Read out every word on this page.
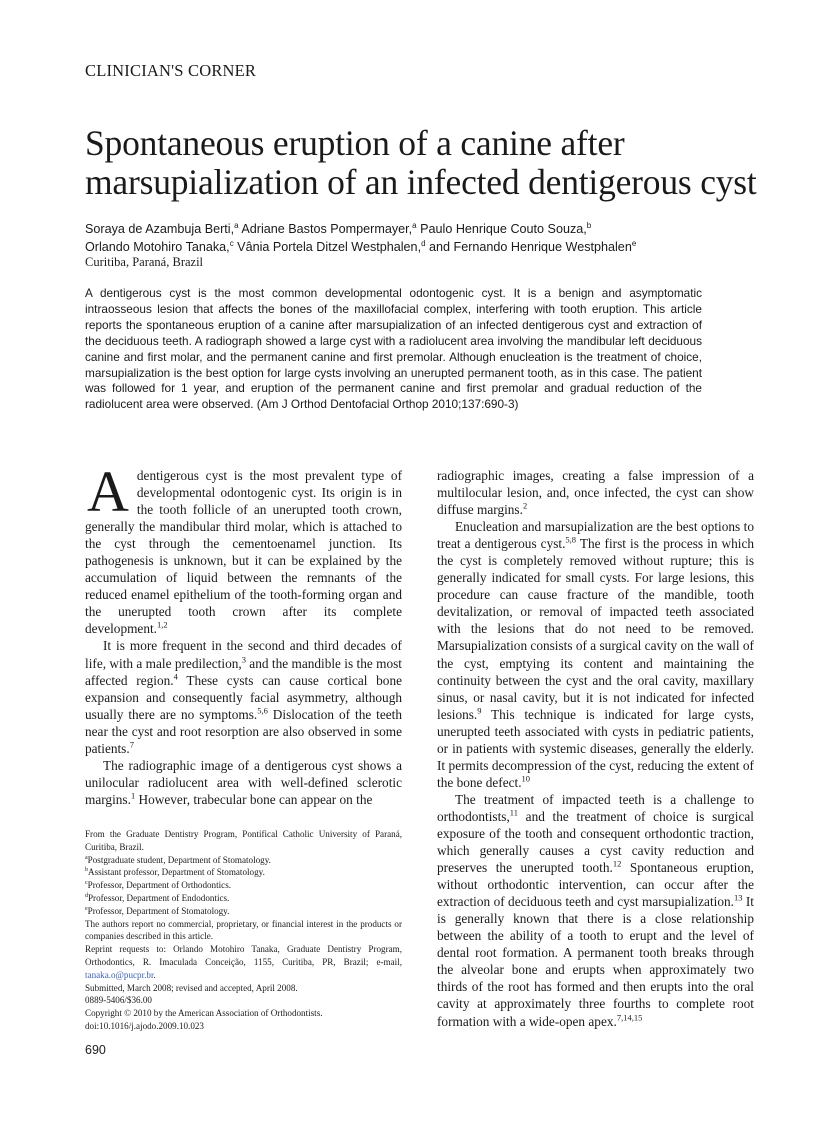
CLINICIAN'S CORNER
Spontaneous eruption of a canine after
marsupialization of an infected dentigerous cyst
Soraya de Azambuja Berti,$^a$ Adriane Bastos Pompermayer,$^a$ Paulo Henrique Couto Souza,$^b$
Orlando Motohiro Tanaka,$^c$ Vânia Portela Ditzel Westphalen,$^d$ and Fernando Henrique Westphalen$^e$
Curitiba, Paraná, Brazil
A dentigerous cyst is the most common developmental odontogenic cyst. It is a benign and asymptomatic intraosseous lesion that affects the bones of the maxillofacial complex, interfering with tooth eruption. This article reports the spontaneous eruption of a canine after marsupialization of an infected dentigerous cyst and extraction of the deciduous teeth. A radiograph showed a large cyst with a radiolucent area involving the mandibular left deciduous canine and first molar, and the permanent canine and first premolar. Although enucleation is the treatment of choice, marsupialization is the best option for large cysts involving an unerupted permanent tooth, as in this case. The patient was followed for 1 year, and eruption of the permanent canine and first premolar and gradual reduction of the radiolucent area were observed. (Am J Orthod Dentofacial Orthop 2010;137:690-3)

Adentigerous cyst is the most prevalent type of developmental odontogenic cyst. Its origin is in the tooth follicle of an unerupted tooth crown, generally the mandibular third molar, which is attached to the cyst through the cementoenamel junction. Its pathogenesis is unknown, but it can be explained by the accumulation of liquid between the remnants of the reduced enamel epithelium of the tooth-forming organ and the unerupted tooth crown after its complete development.$^{1,2}$

It is more frequent in the second and third decades of life, with a male predilection,$^3$ and the mandible is the most affected region.$^4$ These cysts can cause cortical bone expansion and consequently facial asymmetry, although usually there are no symptoms.$^{5,6}$ Dislocation of the teeth near the cyst and root resorption are also observed in some patients.$^7$

The radiographic image of a dentigerous cyst shows a unilocular radiolucent area with well-defined sclerotic margins.$^1$ However, trabecular bone can appear on the

radiographic images, creating a false impression of a multilocular lesion, and, once infected, the cyst can show diffuse margins.$^2$

Enucleation and marsupialization are the best options to treat a dentigerous cyst.$^{5,8}$ The first is the process in which the cyst is completely removed without rupture; this is generally indicated for small cysts. For large lesions, this procedure can cause fracture of the mandible, tooth devitalization, or removal of impacted teeth associated with the lesions that do not need to be removed. Marsupialization consists of a surgical cavity on the wall of the cyst, emptying its content and maintaining the continuity between the cyst and the oral cavity, maxillary sinus, or nasal cavity, but it is not indicated for infected lesions.$^9$ This technique is indicated for large cysts, unerupted teeth associated with cysts in pediatric patients, or in patients with systemic diseases, generally the elderly. It permits decompression of the cyst, reducing the extent of the bone defect.$^{10}$

The treatment of impacted teeth is a challenge to orthodontists,$^{11}$ and the treatment of choice is surgical exposure of the tooth and consequent orthodontic traction, which generally causes a cyst cavity reduction and preserves the unerupted tooth.$^{12}$ Spontaneous eruption, without orthodontic intervention, can occur after the extraction of deciduous teeth and cyst marsupialization.$^{13}$ It is generally known that there is a close relationship between the ability of a tooth to erupt and the level of dental root formation. A permanent tooth breaks through the alveolar bone and erupts when approximately two thirds of the root has formed and then erupts into the oral cavity at approximately three fourths to complete root formation with a wide-open apex.$^{7,14,15}$

From the Graduate Dentistry Program, Pontifical Catholic University of Paraná, Curitiba, Brazil.
$^a$Postgraduate student, Department of Stomatology.
$^b$Assistant professor, Department of Stomatology.
$^c$Professor, Department of Orthodontics.
$^d$Professor, Department of Endodontics.
$^e$Professor, Department of Stomatology.
The authors report no commercial, proprietary, or financial interest in the products or companies described in this article.
Reprint requests to: Orlando Motohiro Tanaka, Graduate Dentistry Program, Orthodontics, R. Imaculada Conceição, 1155, Curitiba, PR, Brazil; e-mail, tanaka.o@pucpr.br.
Submitted, March 2008; revised and accepted, April 2008.
0889-5406/$36.00
Copyright © 2010 by the American Association of Orthodontists.
doi:10.1016/j.ajodo.2009.10.023
690
